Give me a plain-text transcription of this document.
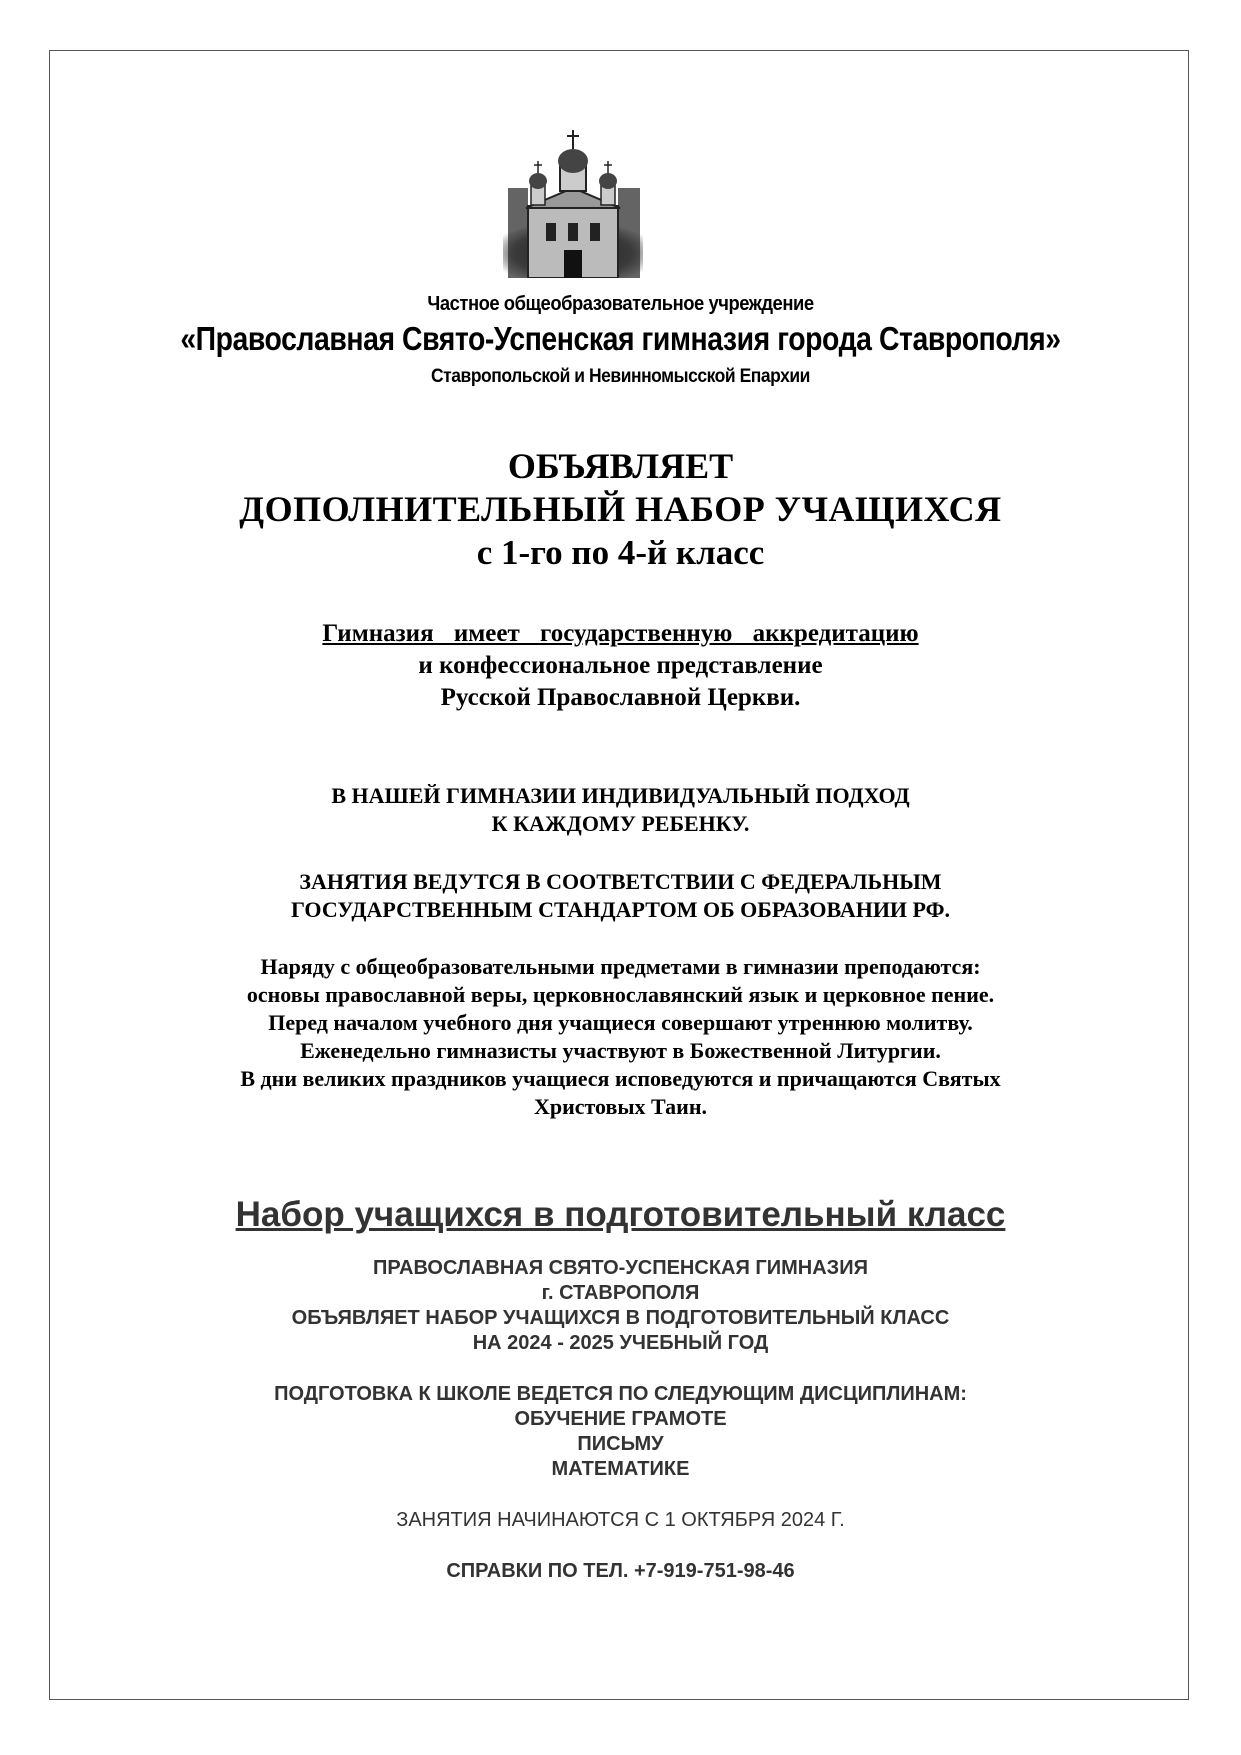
Частное общеобразовательное учреждение
«Православная Свято-Успенская гимназия города Ставрополя»
Ставропольской и Невинномысской Епархии
ОБЪЯВЛЯЕТ
ДОПОЛНИТЕЛЬНЫЙ НАБОР УЧАЩИХСЯ
с 1-го по 4-й класс
Гимназия имеет государственную аккредитацию
и конфессиональное представление
Русской Православной Церкви.
В НАШЕЙ ГИМНАЗИИ ИНДИВИДУАЛЬНЫЙ ПОДХОД
К КАЖДОМУ РЕБЕНКУ.
ЗАНЯТИЯ ВЕДУТСЯ В СООТВЕТСТВИИ С ФЕДЕРАЛЬНЫМ
ГОСУДАРСТВЕННЫМ СТАНДАРТОМ ОБ ОБРАЗОВАНИИ РФ.
Наряду с общеобразовательными предметами в гимназии преподаются:
основы православной веры, церковнославянский язык и церковное пение.
Перед началом учебного дня учащиеся совершают утреннюю молитву.
Еженедельно гимназисты участвуют в Божественной Литургии.
В дни великих праздников учащиеся исповедуются и причащаются Святых
Христовых Таин.
Набор учащихся в подготовительный класс
ПРАВОСЛАВНАЯ СВЯТО-УСПЕНСКАЯ ГИМНАЗИЯ
г. СТАВРОПОЛЯ
ОБЪЯВЛЯЕТ НАБОР УЧАЩИХСЯ В ПОДГОТОВИТЕЛЬНЫЙ КЛАСС
НА 2024 - 2025 УЧЕБНЫЙ ГОД
ПОДГОТОВКА К ШКОЛЕ ВЕДЕТСЯ ПО СЛЕДУЮЩИМ ДИСЦИПЛИНАМ:
ОБУЧЕНИЕ ГРАМОТЕ
ПИСЬМУ
МАТЕМАТИКЕ
ЗАНЯТИЯ НАЧИНАЮТСЯ С 1 ОКТЯБРЯ 2024 Г.
СПРАВКИ ПО ТЕЛ. +7-919-751-98-46
